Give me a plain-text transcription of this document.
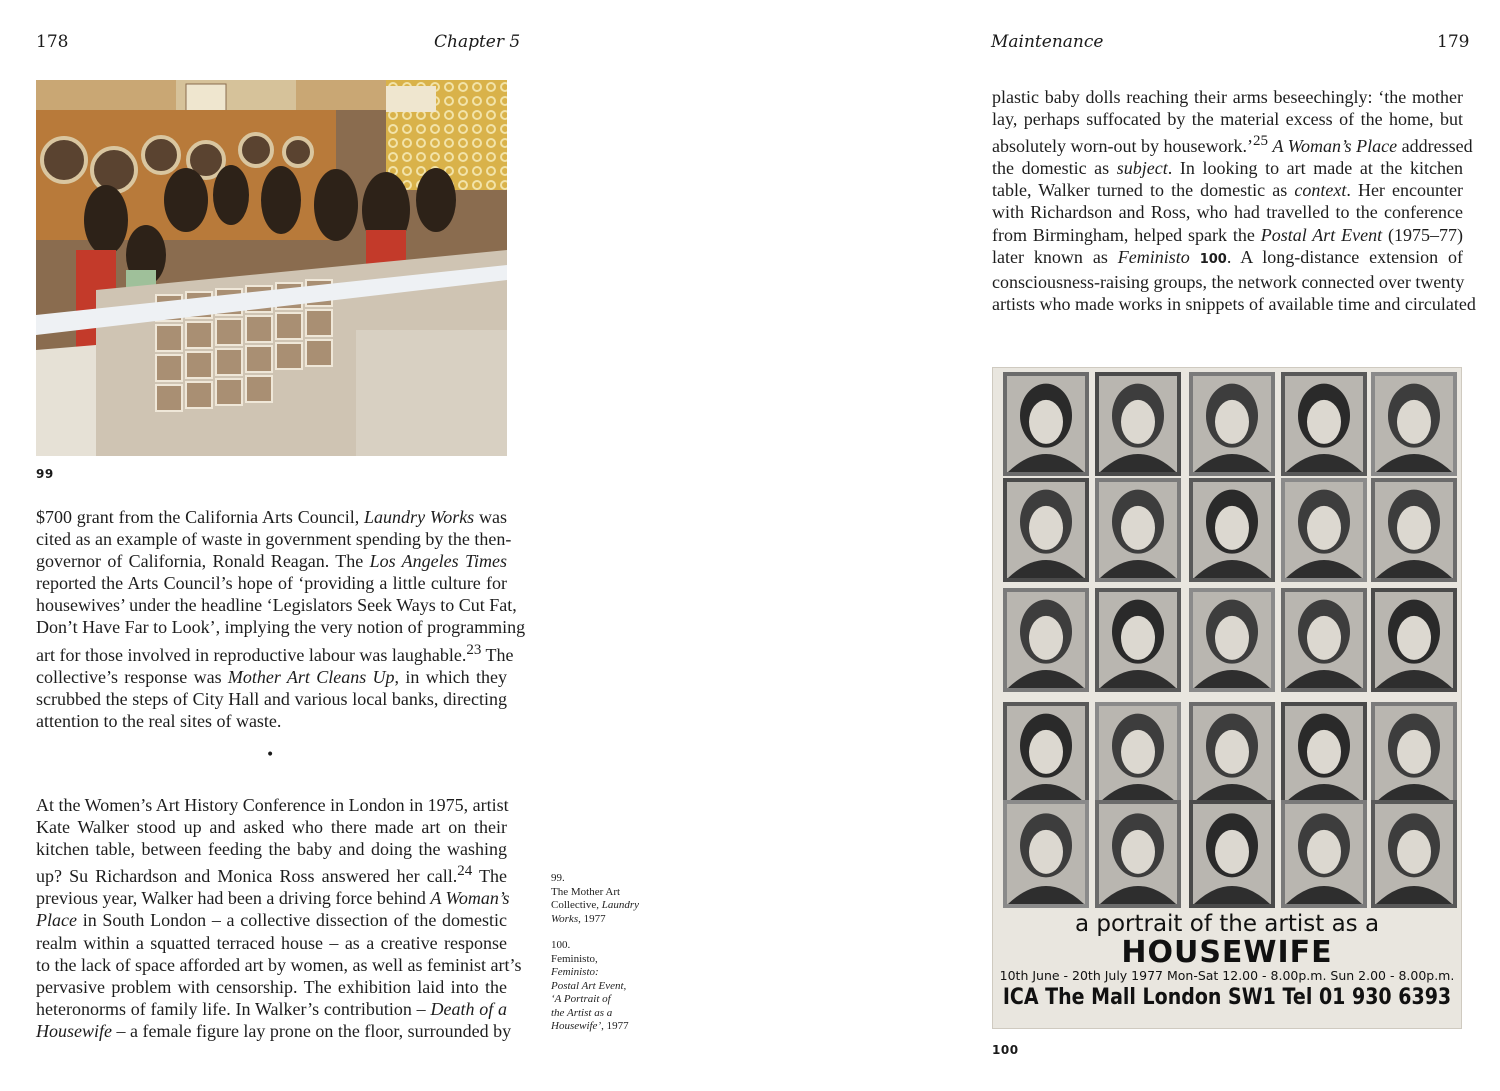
178	Chapter 5
99
$700 grant from the California Arts Council, Laundry Works was
cited as an example of waste in government spending by the then-
governor of California, Ronald Reagan. The Los Angeles Times
reported the Arts Council’s hope of ‘providing a little culture for
housewives’ under the headline ‘Legislators Seek Ways to Cut Fat,
Don’t Have Far to Look’, implying the very notion of programming
art for those involved in reproductive labour was laughable.$^{23}$ The
collective’s response was Mother Art Cleans Up, in which they
scrubbed the steps of City Hall and various local banks, directing
attention to the real sites of waste.
•
At the Women’s Art History Conference in London in 1975, artist
Kate Walker stood up and asked who there made art on their
kitchen table, between feeding the baby and doing the washing
up? Su Richardson and Monica Ross answered her call.$^{24}$ The
previous year, Walker had been a driving force behind A Woman’s
Place in South London – a collective dissection of the domestic
realm within a squatted terraced house – as a creative response
to the lack of space afforded art by women, as well as feminist art’s
pervasive problem with censorship. The exhibition laid into the
heteronorms of family life. In Walker’s contribution – Death of a
Housewife – a female figure lay prone on the floor, surrounded by
99.
The Mother Art
Collective, Laundry
Works, 1977
100.
Feministo,
Feministo:
Postal Art Event,
‘A Portrait of
the Artist as a
Housewife’, 1977
Maintenance	179
plastic baby dolls reaching their arms beseechingly: ‘the mother
lay, perhaps suffocated by the material excess of the home, but
absolutely worn-out by housework.’$^{25}$ A Woman’s Place addressed
the domestic as subject. In looking to art made at the kitchen
table, Walker turned to the domestic as context. Her encounter
with Richardson and Ross, who had travelled to the conference
from Birmingham, helped spark the Postal Art Event (1975–77)
later known as Feministo 100. A long-distance extension of
consciousness-raising groups, the network connected over twenty
artists who made works in snippets of available time and circulated
a portrait of the artist as a
HOUSEWIFE
10th June - 20th July 1977 Mon-Sat 12.00 - 8.00p.m. Sun 2.00 - 8.00p.m.
ICA The Mall London SW1 Tel 01 930 6393
100
